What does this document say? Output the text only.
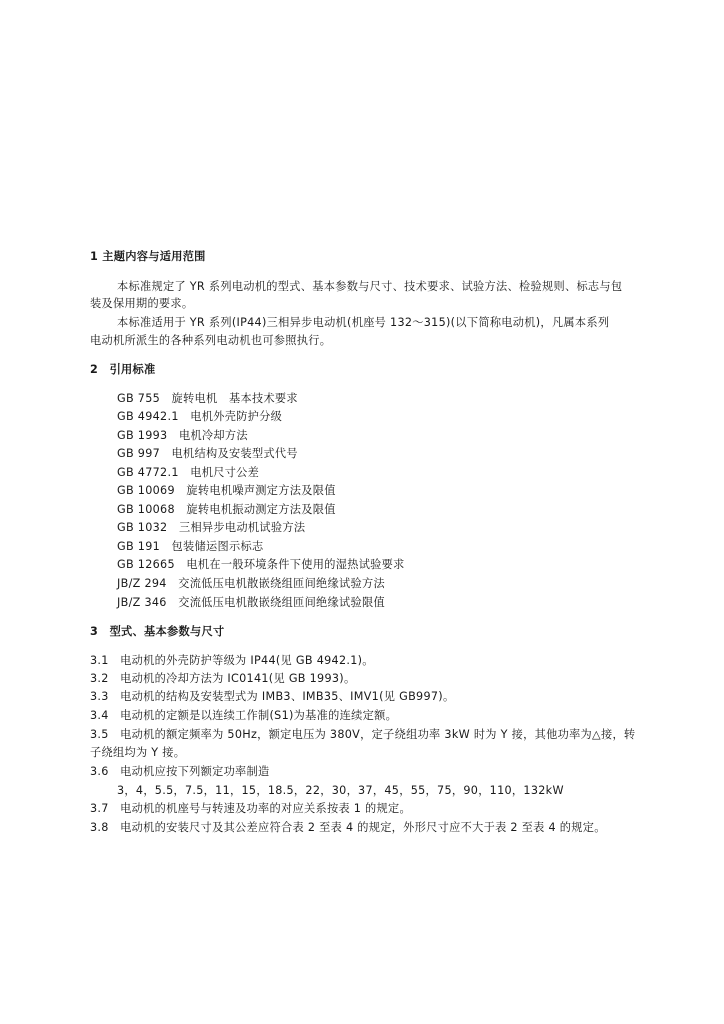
1 主题内容与适用范围
本标准规定了 YR 系列电动机的型式、基本参数与尺寸、技术要求、试验方法、检验规则、标志与包
装及保用期的要求。
本标准适用于 YR 系列(IP44)三相异步电动机(机座号 132～315)(以下简称电动机)，凡属本系列
电动机所派生的各种系列电动机也可参照执行。
2　引用标准
GB 755　旋转电机　基本技术要求
GB 4942.1　电机外壳防护分级
GB 1993　电机冷却方法
GB 997　电机结构及安装型式代号
GB 4772.1　电机尺寸公差
GB 10069　旋转电机噪声测定方法及限值
GB 10068　旋转电机振动测定方法及限值
GB 1032　三相异步电动机试验方法
GB 191　包装储运图示标志
GB 12665　电机在一般环境条件下使用的湿热试验要求
JB/Z 294　交流低压电机散嵌绕组匝间绝缘试验方法
JB/Z 346　交流低压电机散嵌绕组匝间绝缘试验限值
3　型式、基本参数与尺寸
3.1　电动机的外壳防护等级为 IP44(见 GB 4942.1)。
3.2　电动机的冷却方法为 IC0141(见 GB 1993)。
3.3　电动机的结构及安装型式为 IMB3、IMB35、IMV1(见 GB997)。
3.4　电动机的定额是以连续工作制(S1)为基准的连续定额。
3.5　电动机的额定频率为 50Hz，额定电压为 380V，定子绕组功率 3kW 时为 Y 接，其他功率为△接，转
子绕组均为 Y 接。
3.6　电动机应按下列额定功率制造
3，4，5.5，7.5，11，15，18.5，22，30，37，45，55，75，90，110，132kW
3.7　电动机的机座号与转速及功率的对应关系按表 1 的规定。
3.8　电动机的安装尺寸及其公差应符合表 2 至表 4 的规定，外形尺寸应不大于表 2 至表 4 的规定。
